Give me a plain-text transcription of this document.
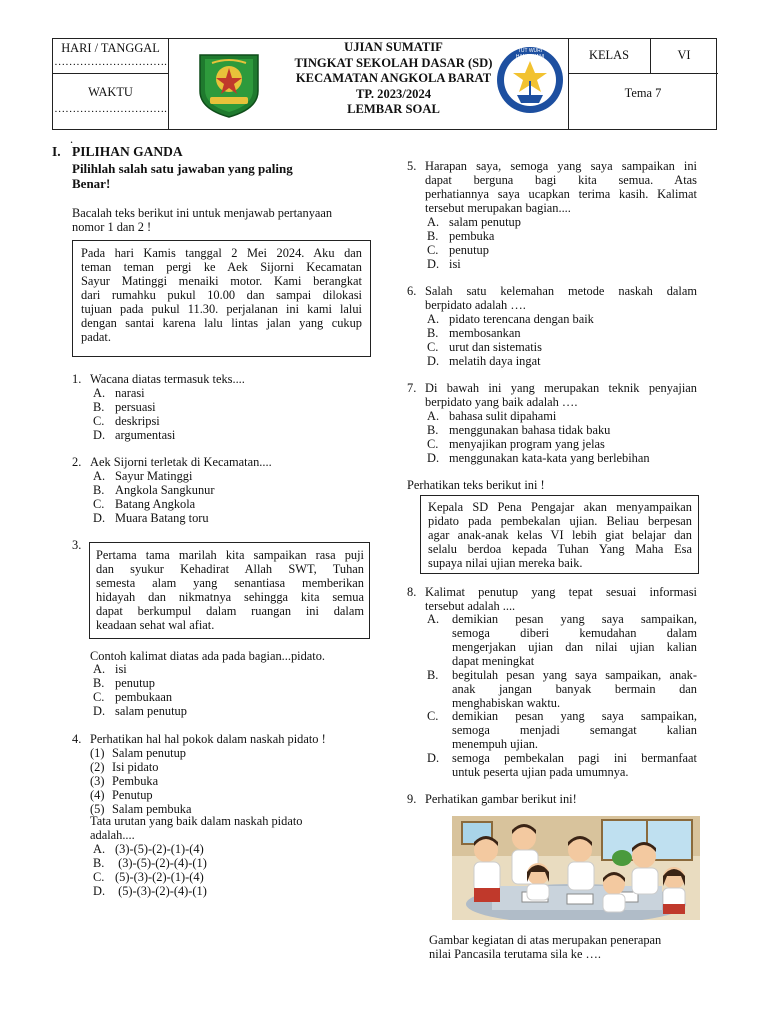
HARI / TANGGAL
………………………….
WAKTU
………………………….
UJIAN SUMATIF
TINGKAT SEKOLAH DASAR (SD)
KECAMATAN ANGKOLA BARAT
TP. 2023/2024
LEMBAR SOAL
TUT WURI HANDAYANI	KELAS	VI
Tema 7
.
I. PILIHAN GANDA
Pilihlah salah satu jawaban yang paling
Benar!
Bacalah teks berikut ini untuk menjawab pertanyaan
nomor 1 dan 2 !
Pada hari Kamis tanggal 2 Mei 2024. Aku dan
teman teman pergi ke Aek Sijorni Kecamatan
Sayur Matinggi menaiki motor. Kami berangkat
dari rumahku pukul 10.00 dan sampai dilokasi
tujuan pada pukul 11.30. perjalanan ini kami lalui
dengan santai karena lalu lintas jalan yang cukup
padat.
1. Wacana diatas termasuk teks....
A. narasi
B. persuasi
C. deskripsi
D. argumentasi
2. Aek Sijorni terletak di Kecamatan....
A. Sayur Matinggi
B. Angkola Sangkunur
C. Batang Angkola
D. Muara Batang toru
3.
Pertama tama marilah kita sampaikan rasa puji
dan syukur Kehadirat Allah SWT, Tuhan
semesta alam yang senantiasa memberikan
hidayah dan nikmatnya sehingga kita semua
dapat berkumpul dalam ruangan ini dalam
keadaan sehat wal afiat.
Contoh kalimat diatas ada pada bagian...pidato.
A. isi
B. penutup
C. pembukaan
D. salam penutup
4. Perhatikan hal hal pokok dalam naskah pidato !
(1) Salam penutup
(2) Isi pidato
(3) Pembuka
(4) Penutup
(5) Salam pembuka
Tata urutan yang baik dalam naskah pidato
adalah....
A. (3)-(5)-(2)-(1)-(4)
B. (3)-(5)-(2)-(4)-(1)
C. (5)-(3)-(2)-(1)-(4)
D. (5)-(3)-(2)-(4)-(1)
5. Harapan saya, semoga yang saya sampaikan ini
dapat berguna bagi kita semua. Atas
perhatiannya saya ucapkan terima kasih. Kalimat
tersebut merupakan bagian....
A. salam penutup
B. pembuka
C. penutup
D. isi
6. Salah satu kelemahan metode naskah dalam
berpidato adalah ….
A. pidato terencana dengan baik
B. membosankan
C. urut dan sistematis
D. melatih daya ingat
7. Di bawah ini yang merupakan teknik penyajian
berpidato yang baik adalah ….
A. bahasa sulit dipahami
B. menggunakan bahasa tidak baku
C. menyajikan program yang jelas
D. menggunakan kata-kata yang berlebihan
Perhatikan teks berikut ini !
Kepala SD Pena Pengajar akan menyampaikan
pidato pada pembekalan ujian. Beliau berpesan
agar anak-anak kelas VI lebih giat belajar dan
selalu berdoa kepada Tuhan Yang Maha Esa
supaya nilai ujian mereka baik.
8. Kalimat penutup yang tepat sesuai informasi
tersebut adalah ....
A. demikian pesan yang saya sampaikan,
semoga diberi kemudahan dalam
mengerjakan ujian dan nilai ujian kalian
dapat meningkat
B. begitulah pesan yang saya sampaikan, anak-
anak jangan banyak bermain dan
menghabiskan waktu.
C. demikian pesan yang saya sampaikan,
semoga menjadi semangat kalian
menempuh ujian.
D. semoga pembekalan pagi ini bermanfaat
untuk peserta ujian pada umumnya.
9. Perhatikan gambar berikut ini!
Gambar kegiatan di atas merupakan penerapan
nilai Pancasila terutama sila ke ….
